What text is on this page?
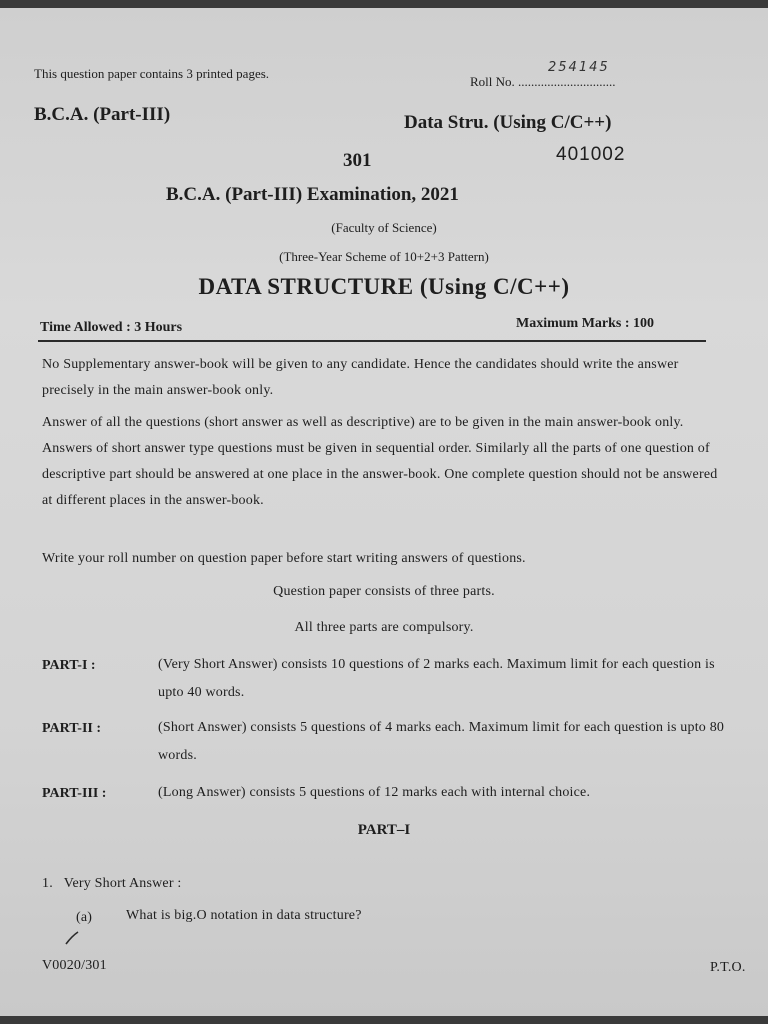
This question paper contains 3 printed pages.
Roll No. ..............................
254145
B.C.A. (Part-III)	Data Stru. (Using C/C++)
301	401002
B.C.A. (Part-III) Examination, 2021
(Faculty of Science)
(Three-Year Scheme of 10+2+3 Pattern)
DATA STRUCTURE (Using C/C++)
Time Allowed : 3 Hours	Maximum Marks : 100
No Supplementary answer-book will be given to any candidate. Hence the candidates should write the answer precisely in the main answer-book only.
Answer of all the questions (short answer as well as descriptive) are to be given in the main answer-book only. Answers of short answer type questions must be given in sequential order. Similarly all the parts of one question of descriptive part should be answered at one place in the answer-book. One complete question should not be answered at different places in the answer-book.
Write your roll number on question paper before start writing answers of questions.
Question paper consists of three parts.
All three parts are compulsory.
PART-I :	(Very Short Answer) consists 10 questions of 2 marks each. Maximum limit for each question is upto 40 words.
PART-II :	(Short Answer) consists 5 questions of 4 marks each. Maximum limit for each question is upto 80 words.
PART-III :	(Long Answer) consists 5 questions of 12 marks each with internal choice.
PART–I
1.   Very Short Answer :
(a) What is big.O notation in data structure?
V0020/301	P.T.O.
